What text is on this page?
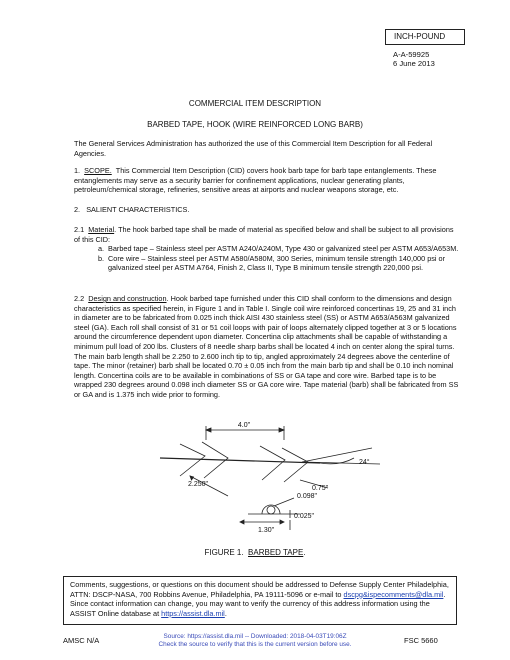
INCH-POUND
A-A-59925
6 June 2013
COMMERCIAL ITEM DESCRIPTION
BARBED TAPE, HOOK (WIRE REINFORCED LONG BARB)
The General Services Administration has authorized the use of this Commercial Item Description for all Federal Agencies.
1. SCOPE. This Commercial Item Description (CID) covers hook barb tape for barb tape entanglements. These entanglements may serve as a security barrier for confinement applications, nuclear generating plants, petroleum/chemical storage, refineries, sensitive areas at airports and nuclear weapons storage, etc.
2. SALIENT CHARACTERISTICS.
2.1 Material. The hook barbed tape shall be made of material as specified below and shall be subject to all provisions of this CID:
a. Barbed tape – Stainless steel per ASTM A240/A240M, Type 430 or galvanized steel per ASTM A653/A653M.
b. Core wire – Stainless steel per ASTM A580/A580M, 300 Series, minimum tensile strength 140,000 psi or galvanized steel per ASTM A764, Finish 2, Class II, Type B minimum tensile strength 220,000 psi.
2.2 Design and construction. Hook barbed tape furnished under this CID shall conform to the dimensions and design characteristics as specified herein, in Figure 1 and in Table I. Single coil wire reinforced concertinas 19, 25 and 31 inch in diameter are to be fabricated from 0.025 inch thick AISI 430 stainless steel (SS) or ASTM A653/A563M galvanized steel (GA). Each roll shall consist of 31 or 51 coil loops with pair of loops alternately clipped together at 3 or 5 locations around the circumference dependent upon diameter. Concertina clip attachments shall be capable of withstanding a minimum pull load of 200 lbs. Clusters of 8 needle sharp barbs shall be located 4 inch on center along the spiral turns. The main barb length shall be 2.250 to 2.600 inch tip to tip, angled approximately 24 degrees above the centerline of tape. The minor (retainer) barb shall be located 0.70 ± 0.05 inch from the main barb tip and shall be 0.10 inch nominal length. Concertina coils are to be available in combinations of SS or GA tape and core wire. Barbed tape is to be wrapped 230 degrees around 0.098 inch diameter SS or GA core wire. Tape material (barb) shall be fabricated from SS or GA and is 1.375 inch wide prior to forming.
4.0"
24°
2.250"
0.75"
0.098"
0.025"
1.30"
FIGURE 1. BARBED TAPE.
Comments, suggestions, or questions on this document should be addressed to Defense Supply Center Philadelphia, ATTN: DSCP-NASA, 700 Robbins Avenue, Philadelphia, PA 19111-5096 or e-mail to dscpg&ispecomments@dla.mil. Since contact information can change, you may want to verify the currency of this address information using the ASSIST Online database at https://assist.dla.mil.
AMSC N/A	FSC 5660
Source: https://assist.dla.mil -- Downloaded: 2018-04-03T19:06Z
Check the source to verify that this is the current version before use.
